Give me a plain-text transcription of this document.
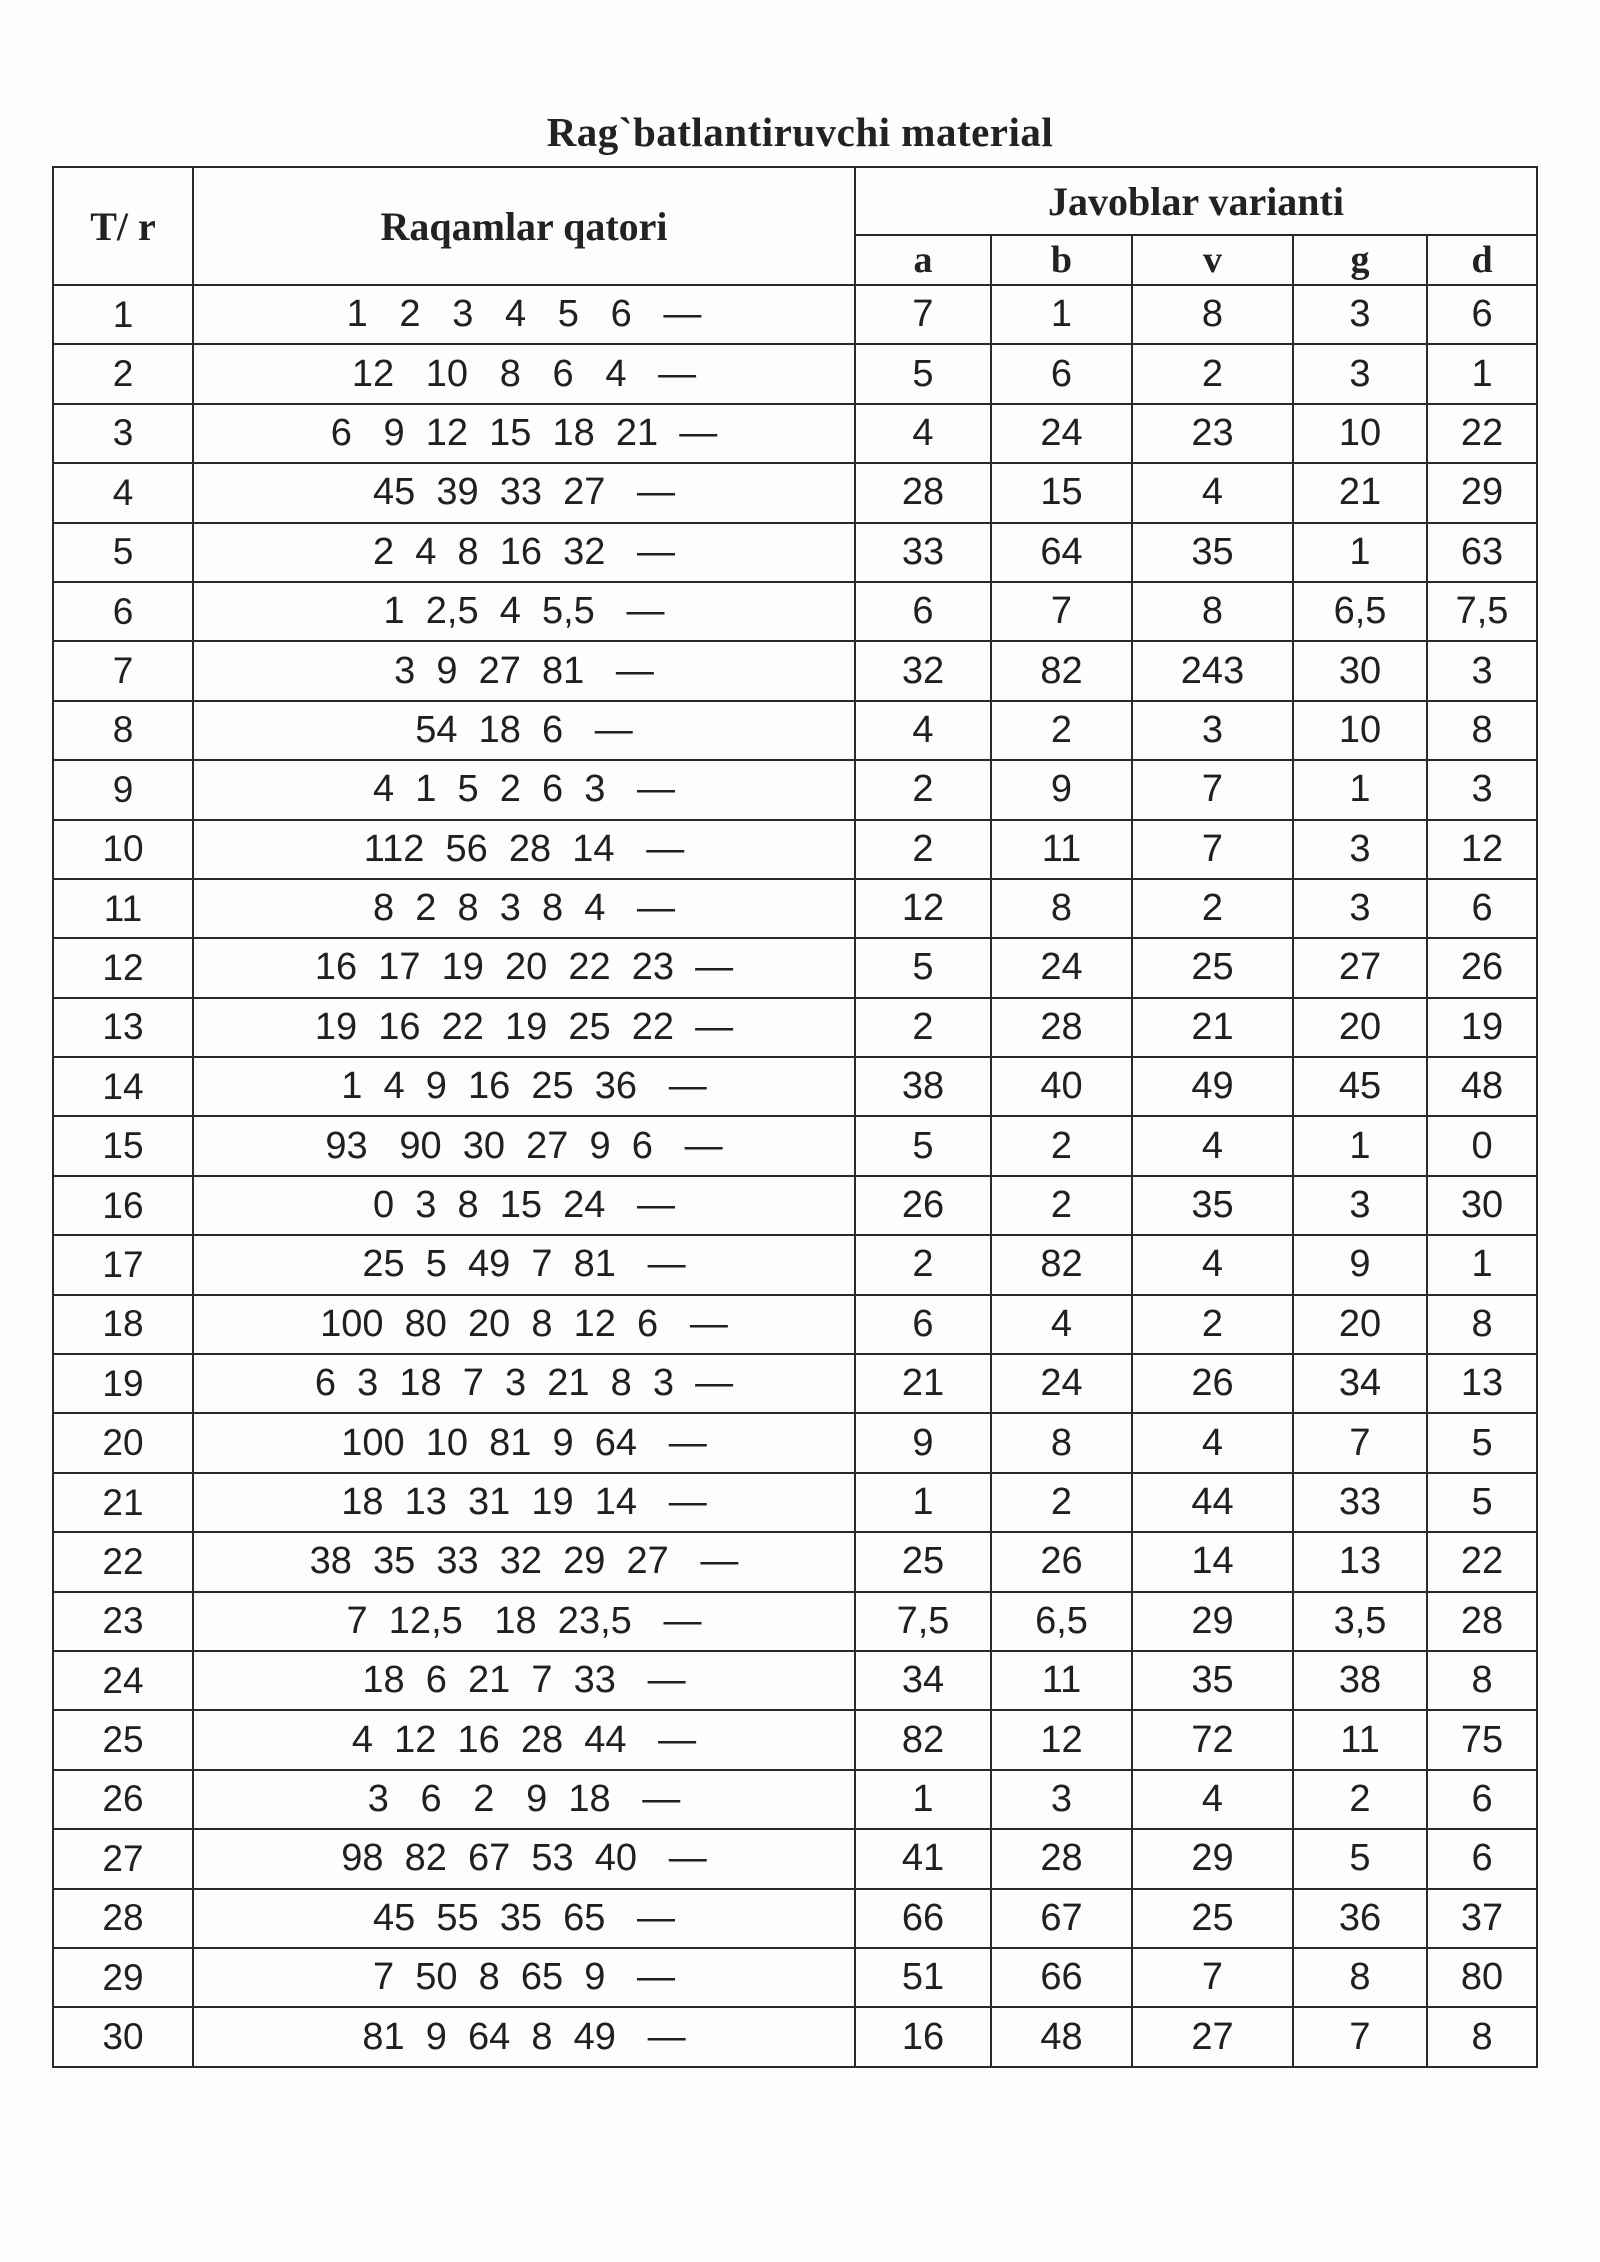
Rag`batlantiruvchi material
T/ r	Raqamlar qatori	Javoblar varianti				
		a	b	v	g	d
1	1   2   3   4   5   6   —	7	1	8	3	6
2	12   10   8   6   4   —	5	6	2	3	1
3	6   9  12  15  18  21  —	4	24	23	10	22
4	45  39  33  27   —	28	15	4	21	29
5	2  4  8  16  32   —	33	64	35	1	63
6	1  2,5  4  5,5   —	6	7	8	6,5	7,5
7	3  9  27  81   —	32	82	243	30	3
8	54  18  6   —	4	2	3	10	8
9	4  1  5  2  6  3   —	2	9	7	1	3
10	112  56  28  14   —	2	11	7	3	12
11	8  2  8  3  8  4   —	12	8	2	3	6
12	16  17  19  20  22  23  —	5	24	25	27	26
13	19  16  22  19  25  22  —	2	28	21	20	19
14	1  4  9  16  25  36   —	38	40	49	45	48
15	93   90  30  27  9  6   —	5	2	4	1	0
16	0  3  8  15  24   —	26	2	35	3	30
17	25  5  49  7  81   —	2	82	4	9	1
18	100  80  20  8  12  6   —	6	4	2	20	8
19	6  3  18  7  3  21  8  3  —	21	24	26	34	13
20	100  10  81  9  64   —	9	8	4	7	5
21	18  13  31  19  14   —	1	2	44	33	5
22	38  35  33  32  29  27   —	25	26	14	13	22
23	7  12,5   18  23,5   —	7,5	6,5	29	3,5	28
24	18  6  21  7  33   —	34	11	35	38	8
25	4  12  16  28  44   —	82	12	72	11	75
26	3   6   2   9  18   —	1	3	4	2	6
27	98  82  67  53  40   —	41	28	29	5	6
28	45  55  35  65   —	66	67	25	36	37
29	7  50  8  65  9   —	51	66	7	8	80
30	81  9  64  8  49   —	16	48	27	7	8
